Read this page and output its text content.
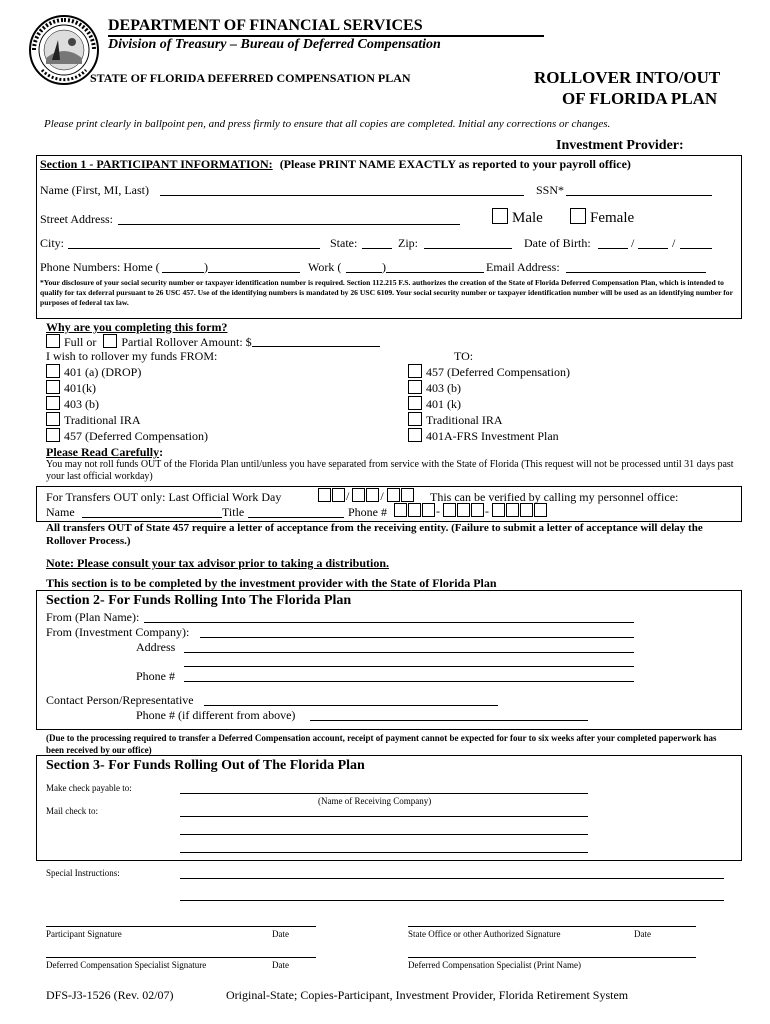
DEPARTMENT OF FINANCIAL SERVICES
Division of Treasury – Bureau of Deferred Compensation
STATE OF FLORIDA DEFERRED COMPENSATION PLAN	ROLLOVER INTO/OUT
OF FLORIDA PLAN
Please print clearly in ballpoint pen, and press firmly to ensure that all copies are completed. Initial any corrections or changes.
Investment Provider:
Section 1 - PARTICIPANT INFORMATION: (Please PRINT NAME EXACTLY as reported to your payroll office)
Name (First, MI, Last)	SSN*
Street Address:	Male	Female
City:	State:	Zip:	Date of Birth:	/	/
Phone Numbers: Home (	)	Work (	)	Email Address:
*Your disclosure of your social security number or taxpayer identification number is required. Section 112.215 F.S. authorizes the creation of the State of Florida Deferred Compensation Plan, which is intended to qualify for tax deferral pursuant to 26 USC 457. Use of the identifying numbers is mandated by 26 USC 6109. Your social security number or taxpayer identification number will be used as an identifying number for purposes of federal tax law.
Why are you completing this form?
Full or Partial Rollover Amount: $
I wish to rollover my funds FROM:	TO:
401 (a) (DROP)
401(k)
403 (b)
Traditional IRA
457 (Deferred Compensation)
457 (Deferred Compensation)
403 (b)
401 (k)
Traditional IRA
401A-FRS Investment Plan
Please Read Carefully:
You may not roll funds OUT of the Florida Plan until/unless you have separated from service with the State of Florida (This request will not be processed until 31 days past your last official workday)
For Transfers OUT only: Last Official Work Day	/	/	This can be verified by calling my personnel office:
Name	Title	Phone #	-	-
All transfers OUT of State 457 require a letter of acceptance from the receiving entity. (Failure to submit a letter of acceptance will delay the Rollover Process.)
Note: Please consult your tax advisor prior to taking a distribution.
This section is to be completed by the investment provider with the State of Florida Plan
Section 2- For Funds Rolling Into The Florida Plan
From (Plan Name):
From (Investment Company):
Address
Phone #
Contact Person/Representative
Phone # (if different from above)
(Due to the processing required to transfer a Deferred Compensation account, receipt of payment cannot be expected for four to six weeks after your completed paperwork has been received by our office)
Section 3- For Funds Rolling Out of The Florida Plan
Make check payable to:
(Name of Receiving Company)
Mail check to:
Special Instructions:
Participant Signature	Date	State Office or other Authorized Signature	Date
Deferred Compensation Specialist Signature	Date	Deferred Compensation Specialist (Print Name)
DFS-J3-1526 (Rev. 02/07)	Original-State; Copies-Participant, Investment Provider, Florida Retirement System
